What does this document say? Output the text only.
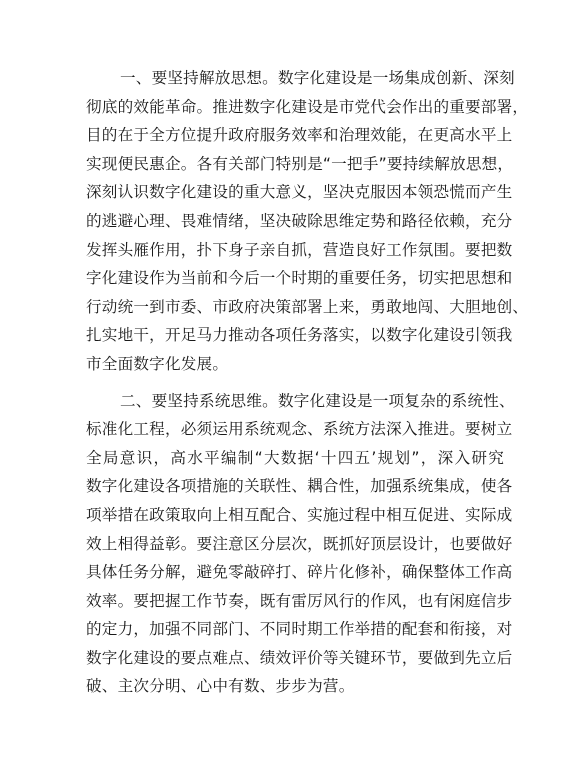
一、要坚持解放思想。数字化建设是一场集成创新、深刻
彻底的效能革命。推进数字化建设是市党代会作出的重要部署，
目的在于全方位提升政府服务效率和治理效能，在更高水平上
实现便民惠企。各有关部门特别是“一把手”要持续解放思想，
深刻认识数字化建设的重大意义，坚决克服因本领恐慌而产生
的逃避心理、畏难情绪，坚决破除思维定势和路径依赖，充分
发挥头雁作用，扑下身子亲自抓，营造良好工作氛围。要把数
字化建设作为当前和今后一个时期的重要任务，切实把思想和
行动统一到市委、市政府决策部署上来，勇敢地闯、大胆地创、
扎实地干，开足马力推动各项任务落实，以数字化建设引领我
市全面数字化发展。
二、要坚持系统思维。数字化建设是一项复杂的系统性、
标准化工程，必须运用系统观念、系统方法深入推进。要树立
全局意识，高水平编制“大数据‘十四五’规划”，深入研究
数字化建设各项措施的关联性、耦合性，加强系统集成，使各
项举措在政策取向上相互配合、实施过程中相互促进、实际成
效上相得益彰。要注意区分层次，既抓好顶层设计，也要做好
具体任务分解，避免零敲碎打、碎片化修补，确保整体工作高
效率。要把握工作节奏，既有雷厉风行的作风，也有闲庭信步
的定力，加强不同部门、不同时期工作举措的配套和衔接，对
数字化建设的要点难点、绩效评价等关键环节，要做到先立后
破、主次分明、心中有数、步步为营。
